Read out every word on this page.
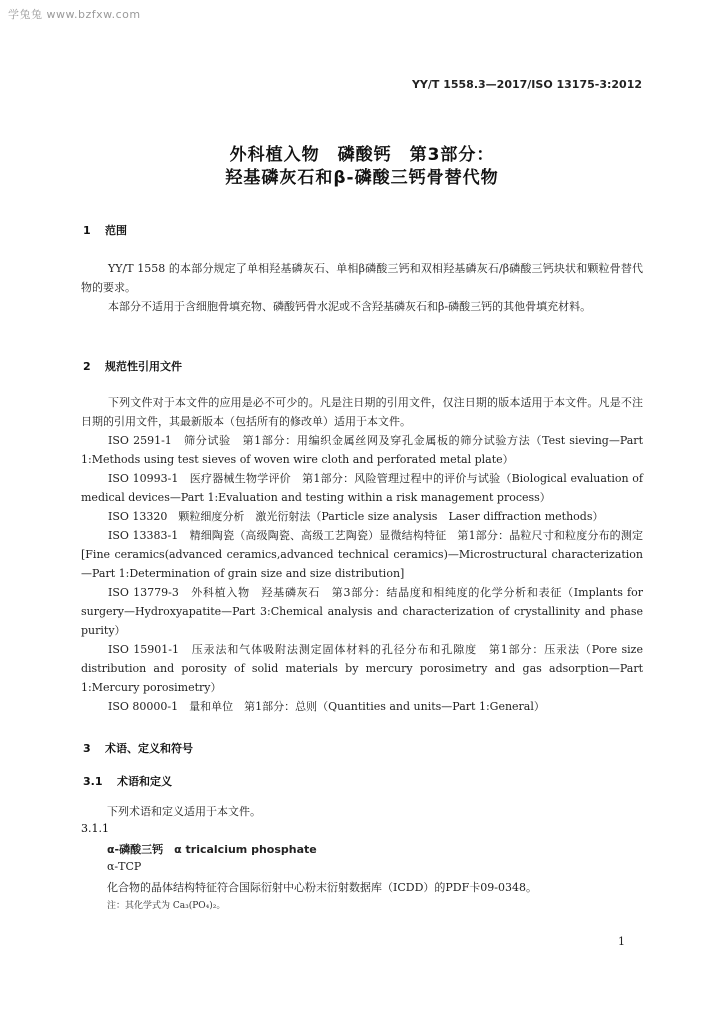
学兔兔 www.bzfxw.com
YY/T 1558.3—2017/ISO 13175-3:2012
外科植入物　磷酸钙　第3部分：
羟基磷灰石和β-磷酸三钙骨替代物
1 范围
YY/T 1558 的本部分规定了单相羟基磷灰石、单相β磷酸三钙和双相羟基磷灰石/β磷酸三钙块状和颗粒骨替代物的要求。
本部分不适用于含细胞骨填充物、磷酸钙骨水泥或不含羟基磷灰石和β-磷酸三钙的其他骨填充材料。
2 规范性引用文件
下列文件对于本文件的应用是必不可少的。凡是注日期的引用文件，仅注日期的版本适用于本文件。凡是不注日期的引用文件，其最新版本（包括所有的修改单）适用于本文件。
ISO 2591-1　筛分试验　第1部分：用编织金属丝网及穿孔金属板的筛分试验方法（Test sieving—Part 1:Methods using test sieves of woven wire cloth and perforated metal plate）
ISO 10993-1　医疗器械生物学评价　第1部分：风险管理过程中的评价与试验（Biological evaluation of medical devices—Part 1:Evaluation and testing within a risk management process）
ISO 13320　颗粒细度分析　激光衍射法（Particle size analysis　Laser diffraction methods）
ISO 13383-1　精细陶瓷（高级陶瓷、高级工艺陶瓷）显微结构特征　第1部分：晶粒尺寸和粒度分布的测定[Fine ceramics(advanced ceramics,advanced technical ceramics)—Microstructural characterization—Part 1:Determination of grain size and size distribution]
ISO 13779-3　外科植入物　羟基磷灰石　第3部分：结晶度和相纯度的化学分析和表征（Implants for surgery—Hydroxyapatite—Part 3:Chemical analysis and characterization of crystallinity and phase purity）
ISO 15901-1　压汞法和气体吸附法测定固体材料的孔径分布和孔隙度　第1部分：压汞法（Pore size distribution and porosity of solid materials by mercury porosimetry and gas adsorption—Part 1:Mercury porosimetry）
ISO 80000-1　量和单位　第1部分：总则（Quantities and units—Part 1:General）
3 术语、定义和符号
3.1 术语和定义
下列术语和定义适用于本文件。
3.1.1
α-磷酸三钙　α tricalcium phosphate
α-TCP
化合物的晶体结构特征符合国际衍射中心粉末衍射数据库（ICDD）的PDF卡09-0348。
注：其化学式为 Ca₃(PO₄)₂。
1
